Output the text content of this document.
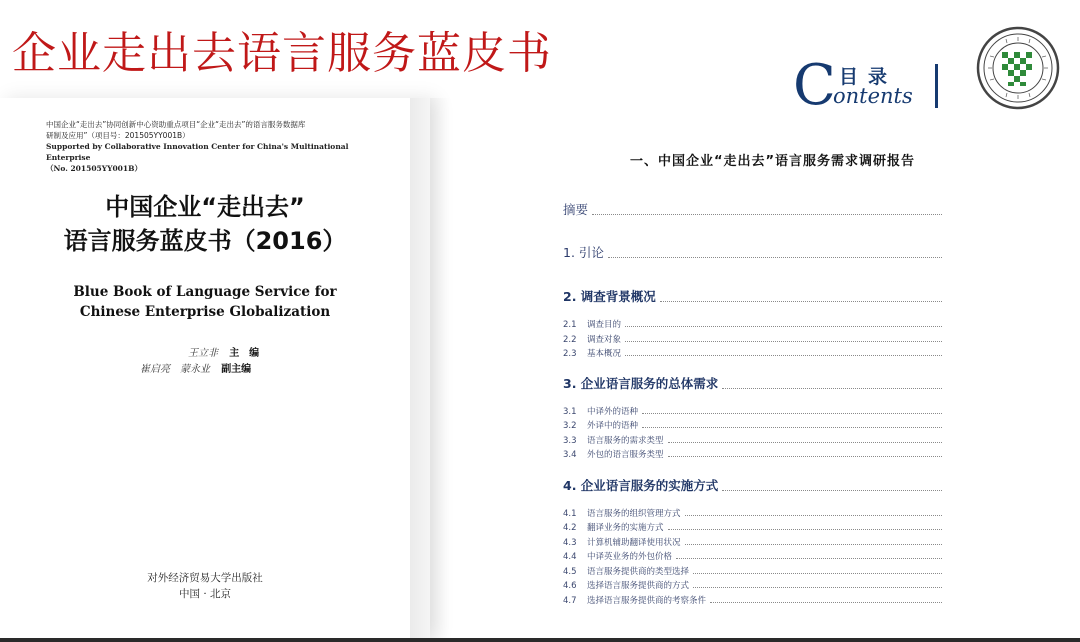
企业走出去语言服务蓝皮书
中国企业“走出去”协同创新中心资助重点项目“企业“走出去”的语言服务数据库
研制及应用”（项目号：201505YY001B）
Supported by Collaborative Innovation Center for China's Multinational Enterprise
（No. 201505YY001B）
中国企业“走出去”
语言服务蓝皮书（2016）
Blue Book of Language Service for
Chinese Enterprise Globalization
王立非 主　编
崔启亮　蒙永业 副主编
对外经济贸易大学出版社
中国 · 北京
C 目录
ontents
一、中国企业“走出去”语言服务需求调研报告
摘要
1. 引论
2. 调查背景概况
2.1 调查目的
2.2 调查对象
2.3 基本概况
3. 企业语言服务的总体需求
3.1 中译外的语种
3.2 外译中的语种
3.3 语言服务的需求类型
3.4 外包的语言服务类型
4. 企业语言服务的实施方式
4.1 语言服务的组织管理方式
4.2 翻译业务的实施方式
4.3 计算机辅助翻译使用状况
4.4 中译英业务的外包价格
4.5 语言服务提供商的类型选择
4.6 选择语言服务提供商的方式
4.7 选择语言服务提供商的考察条件
